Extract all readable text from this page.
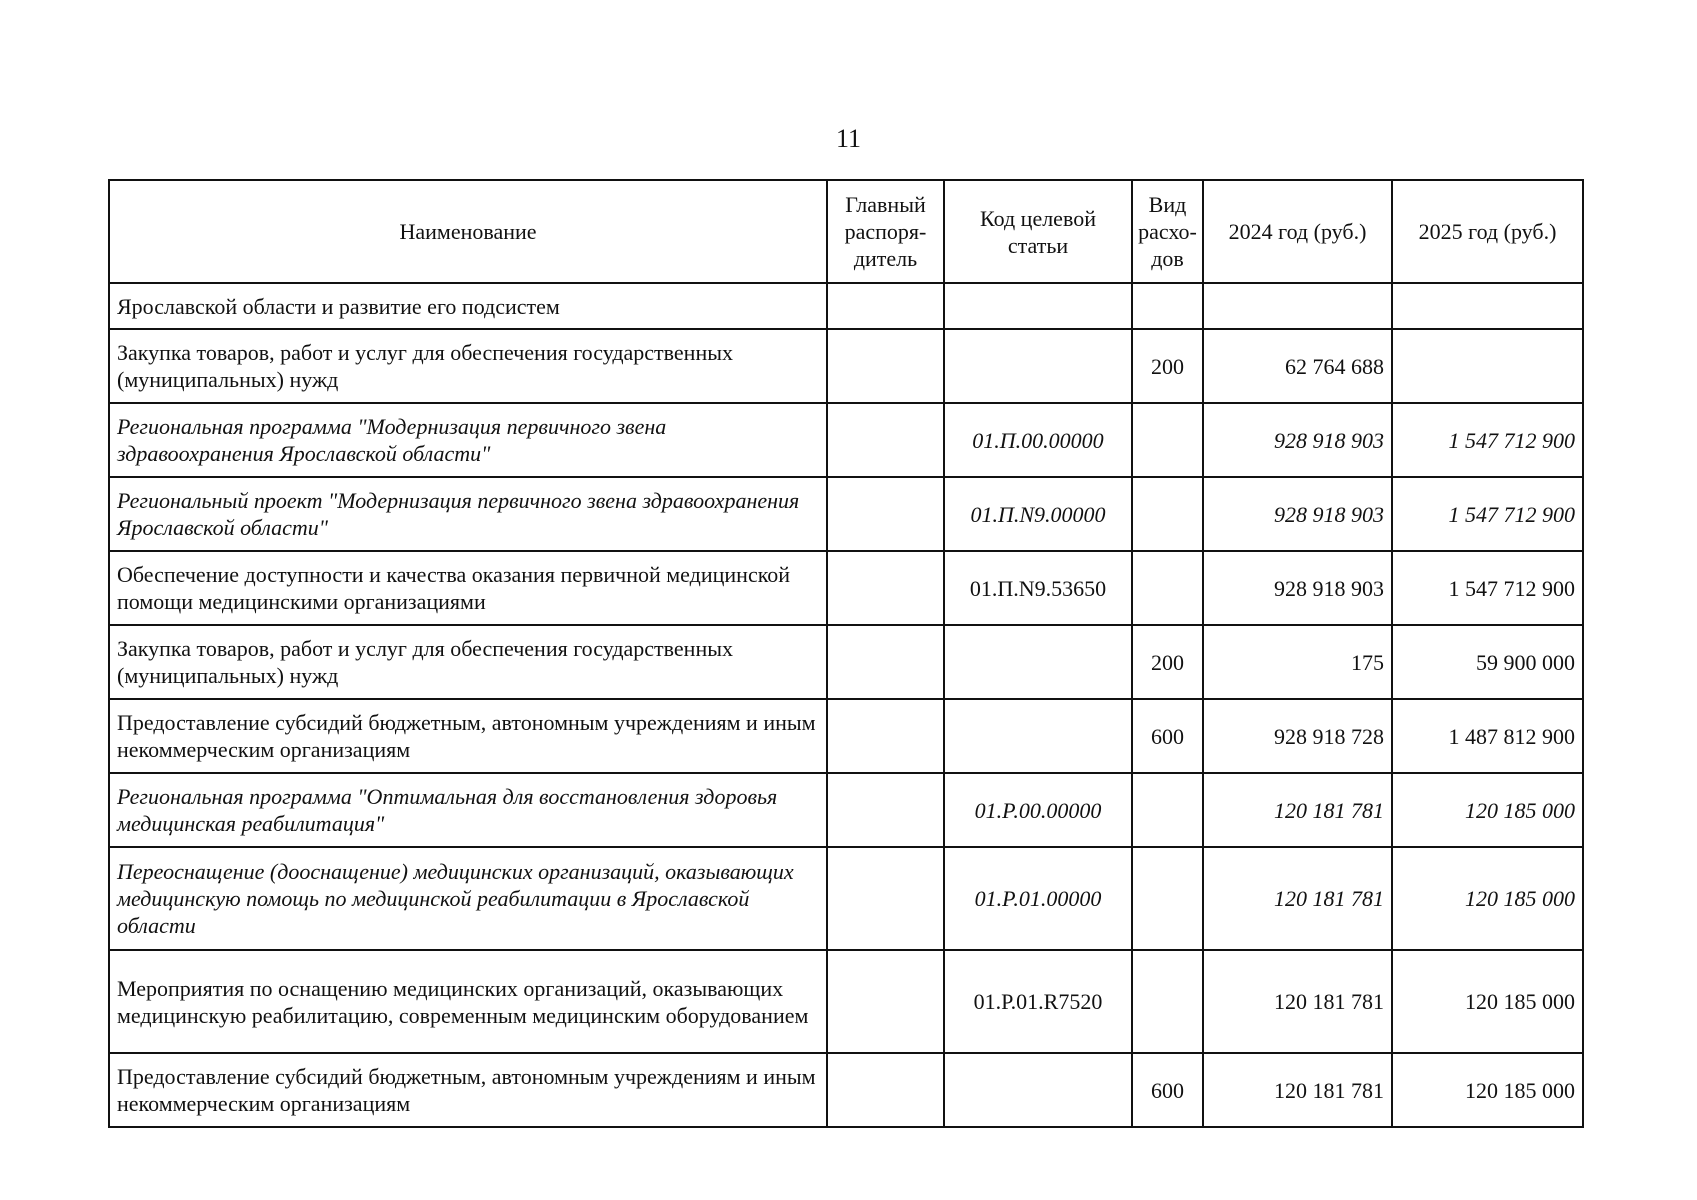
11
Наименование	Главный распоря-дитель	Код целевой статьи	Вид расхо-дов	2024 год (руб.)	2025 год (руб.)
Ярославской области и развитие его подсистем					
Закупка товаров, работ и услуг для обеспечения государственных (муниципальных) нужд			200	62 764 688	
Региональная программа "Модернизация первичного звена здравоохранения Ярославской области"		01.П.00.00000		928 918 903	1 547 712 900
Региональный проект "Модернизация первичного звена здравоохранения Ярославской области"		01.П.N9.00000		928 918 903	1 547 712 900
Обеспечение доступности и качества оказания первичной медицинской помощи медицинскими организациями		01.П.N9.53650		928 918 903	1 547 712 900
Закупка товаров, работ и услуг для обеспечения государственных (муниципальных) нужд			200	175	59 900 000
Предоставление субсидий бюджетным, автономным учреждениям и иным некоммерческим организациям			600	928 918 728	1 487 812 900
Региональная программа "Оптимальная для восстановления здоровья медицинская реабилитация"		01.Р.00.00000		120 181 781	120 185 000
Переоснащение (дооснащение) медицинских организаций, оказывающих медицинскую помощь по медицинской реабилитации в Ярославской области		01.Р.01.00000		120 181 781	120 185 000
Мероприятия по оснащению медицинских организаций, оказывающих медицинскую реабилитацию, современным медицинским оборудованием		01.Р.01.R7520		120 181 781	120 185 000
Предоставление субсидий бюджетным, автономным учреждениям и иным некоммерческим организациям			600	120 181 781	120 185 000
